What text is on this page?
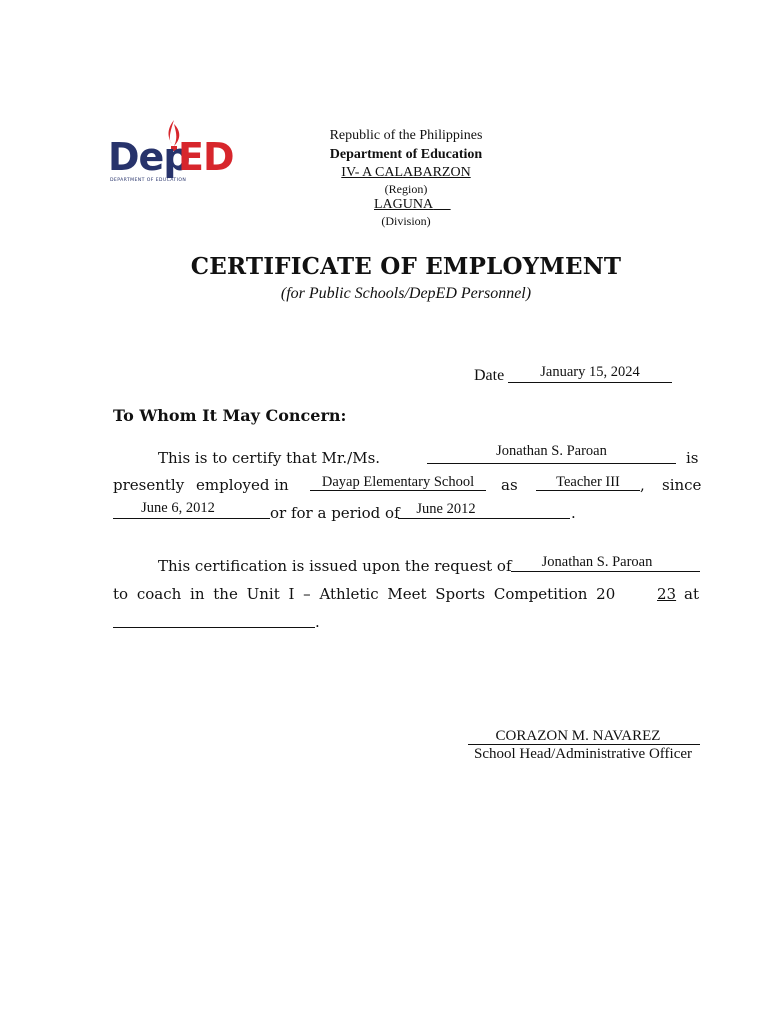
Dep
ED
DEPARTMENT OF EDUCATION
Republic of the Philippines
Department of Education
IV- A CALABARZON
(Region)
LAGUNA
(Division)
CERTIFICATE OF EMPLOYMENT
(for Public Schools/DepED Personnel)
Date	January 15, 2024
To Whom It May Concern:
This is to certify that Mr./Ms.	Jonathan S. Paroan	is
presently employed in	Dayap Elementary School	as	Teacher III	, since
June 6, 2012	or for a period of	June 2012	.
This certification is issued upon the request of	Jonathan S. Paroan
to coach in the Unit I – Athletic Meet Sports Competition 20	23 at
.
CORAZON M. NAVAREZ
School Head/Administrative Officer
